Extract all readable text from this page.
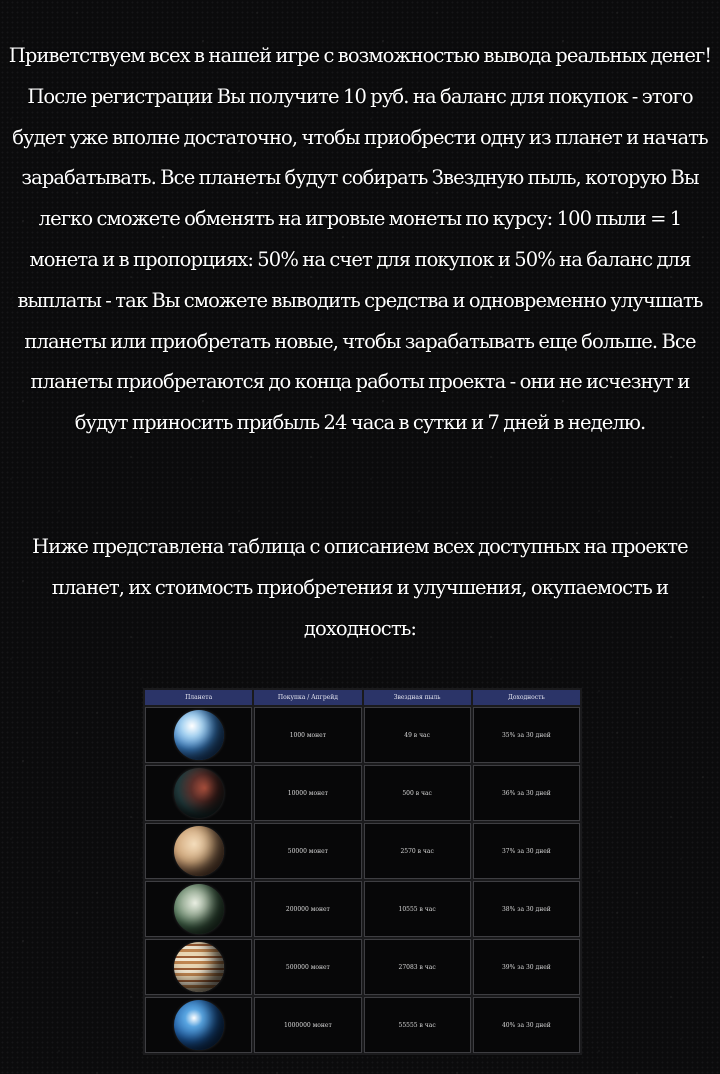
Приветствуем всех в нашей игре с возможностью вывода реальных денег! После регистрации Вы получите 10 руб. на баланс для покупок - этого будет уже вполне достаточно, чтобы приобрести одну из планет и начать зарабатывать. Все планеты будут собирать Звездную пыль, которую Вы легко сможете обменять на игровые монеты по курсу: 100 пыли = 1 монета и в пропорциях: 50% на счет для покупок и 50% на баланс для выплаты - так Вы сможете выводить средства и одновременно улучшать планеты или приобретать новые, чтобы зарабатывать еще больше. Все планеты приобретаются до конца работы проекта - они не исчезнут и будут приносить прибыль 24 часа в сутки и 7 дней в неделю.

Ниже представлена таблица с описанием всех доступных на проекте планет, их стоимость приобретения и улучшения, окупаемость и доходность:

Планета	Покупка / Апгрейд	Звездная пыль	Доходность

	1000 монет	49 в час	35% за 30 дней

	10000 монет	500 в час	36% за 30 дней

	50000 монет	2570 в час	37% за 30 дней

	200000 монет	10555 в час	38% за 30 дней

	500000 монет	27083 в час	39% за 30 дней

	1000000 монет	55555 в час	40% за 30 дней
